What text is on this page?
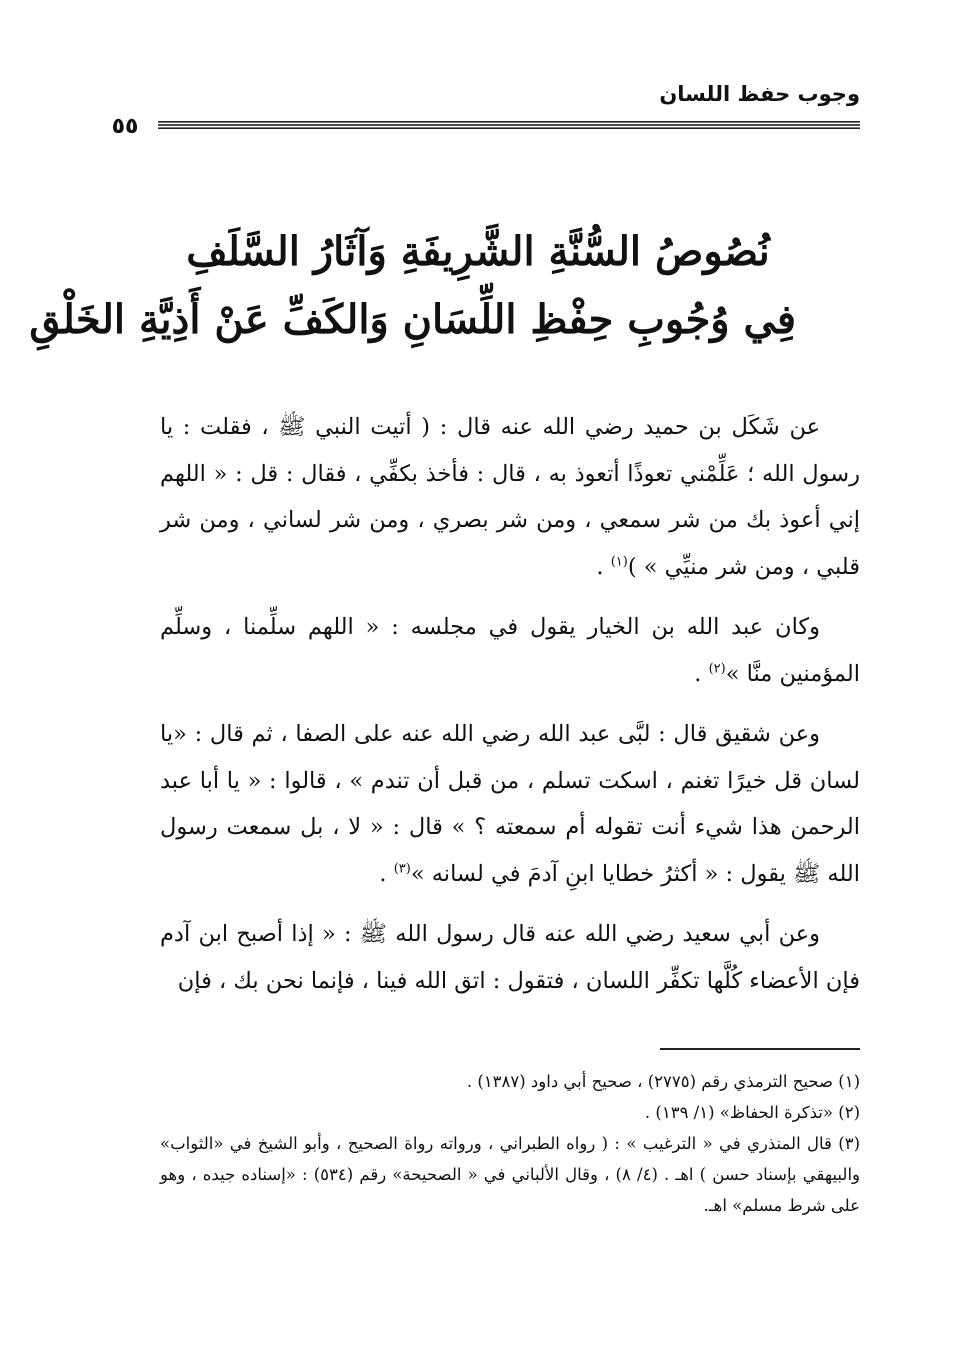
وجوب حفظ اللسان
٥٥
نُصُوصُ السُّنَّةِ الشَّرِيفَةِ وَآثَارُ السَّلَفِ
فِي وُجُوبِ حِفْظِ اللِّسَانِ وَالكَفِّ عَنْ أَذِيَّةِ الخَلْقِ

عن شَكَل بن حميد رضي الله عنه قال : ( أتيت النبي ﷺ ، فقلت : يا رسول الله ؛ عَلِّمْني تعوذًا أتعوذ به ، قال : فأخذ بكفِّي ، فقال : قل : « اللهم إني أعوذ بك من شر سمعي ، ومن شر بصري ، ومن شر لساني ، ومن شر قلبي ، ومن شر منيِّي » )$^{(١)}$ .

وكان عبد الله بن الخيار يقول في مجلسه : « اللهم سلِّمنا ، وسلِّم المؤمنين منَّا »$^{(٢)}$ .

وعن شقيق قال : لبَّى عبد الله رضي الله عنه على الصفا ، ثم قال : «يا لسان قل خيرًا تغنم ، اسكت تسلم ، من قبل أن تندم » ، قالوا : « يا أبا عبد الرحمن هذا شيء أنت تقوله أم سمعته ؟ » قال : « لا ، بل سمعت رسول الله ﷺ يقول : « أكثرُ خطايا ابنِ آدمَ في لسانه »$^{(٣)}$ .

وعن أبي سعيد رضي الله عنه قال رسول الله ﷺ : « إذا أصبح ابن آدم فإن الأعضاء كُلَّها تكفِّر اللسان ، فتقول : اتق الله فينا ، فإنما نحن بك ، فإن

(١) صحيح الترمذي رقم (٢٧٧٥) ، صحيح أبي داود (١٣٨٧) .

(٢) «تذكرة الحفاظ» (١/ ١٣٩) .

(٣) قال المنذري في « الترغيب » : ( رواه الطبراني ، ورواته رواة الصحيح ، وأبو الشيخ في «الثواب» والبيهقي بإسناد حسن ) اهـ . (٤/ ٨) ، وقال الألباني في « الصحيحة» رقم (٥٣٤) : «إسناده جيده ، وهو على شرط مسلم» اهـ.
